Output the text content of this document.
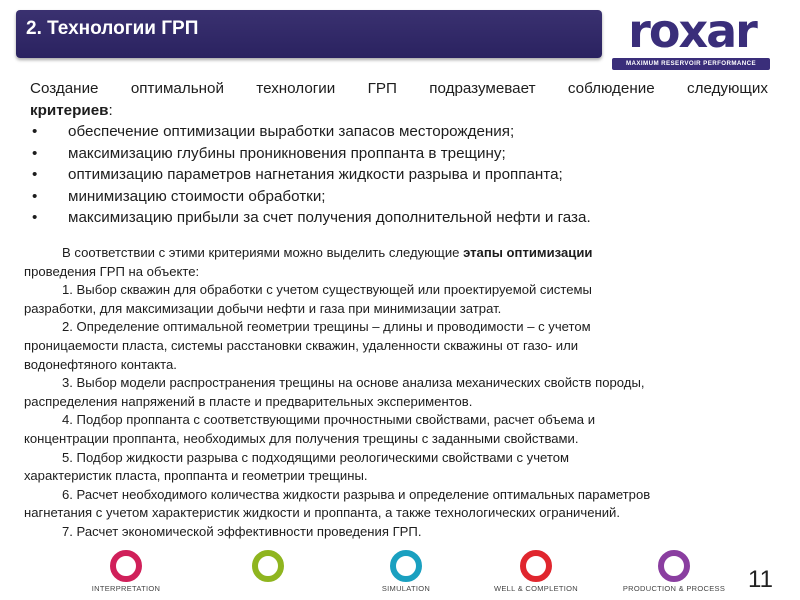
2. Технологии ГРП	roxar
MAXIMUM RESERVOIR PERFORMANCE

Создание оптимальной технологии ГРП подразумевает соблюдение следующих

критериев:

• обеспечение оптимизации выработки запасов месторождения;
• максимизацию глубины проникновения проппанта в трещину;
• оптимизацию параметров нагнетания жидкости разрыва и проппанта;
• минимизацию стоимости обработки;
• максимизацию прибыли за счет получения дополнительной нефти и газа.

В соответствии с этими критериями можно выделить следующие этапы оптимизации

проведения ГРП на объекте:

1. Выбор скважин для обработки с учетом существующей или проектируемой системы

разработки, для максимизации добычи нефти и газа при минимизации затрат.

2. Определение оптимальной геометрии трещины – длины и проводимости – с учетом

проницаемости пласта, системы расстановки скважин, удаленности скважины от газо- или

водонефтяного контакта.

3. Выбор модели распространения трещины на основе анализа механических свойств породы,

распределения напряжений в пласте и предварительных экспериментов.

4. Подбор проппанта с соответствующими прочностными свойствами, расчет объема и

концентрации проппанта, необходимых для получения трещины с заданными свойствами.

5. Подбор жидкости разрыва с подходящими реологическими свойствами с учетом

характеристик пласта, проппанта и геометрии трещины.

6. Расчет необходимого количества жидкости разрыва и определение оптимальных параметров

нагнетания с учетом характеристик жидкости и проппанта, а также технологических ограничений.

7. Расчет экономической эффективности проведения ГРП.

INTERPRETATION	SIMULATION	WELL & COMPLETION	PRODUCTION & PROCESS 11
